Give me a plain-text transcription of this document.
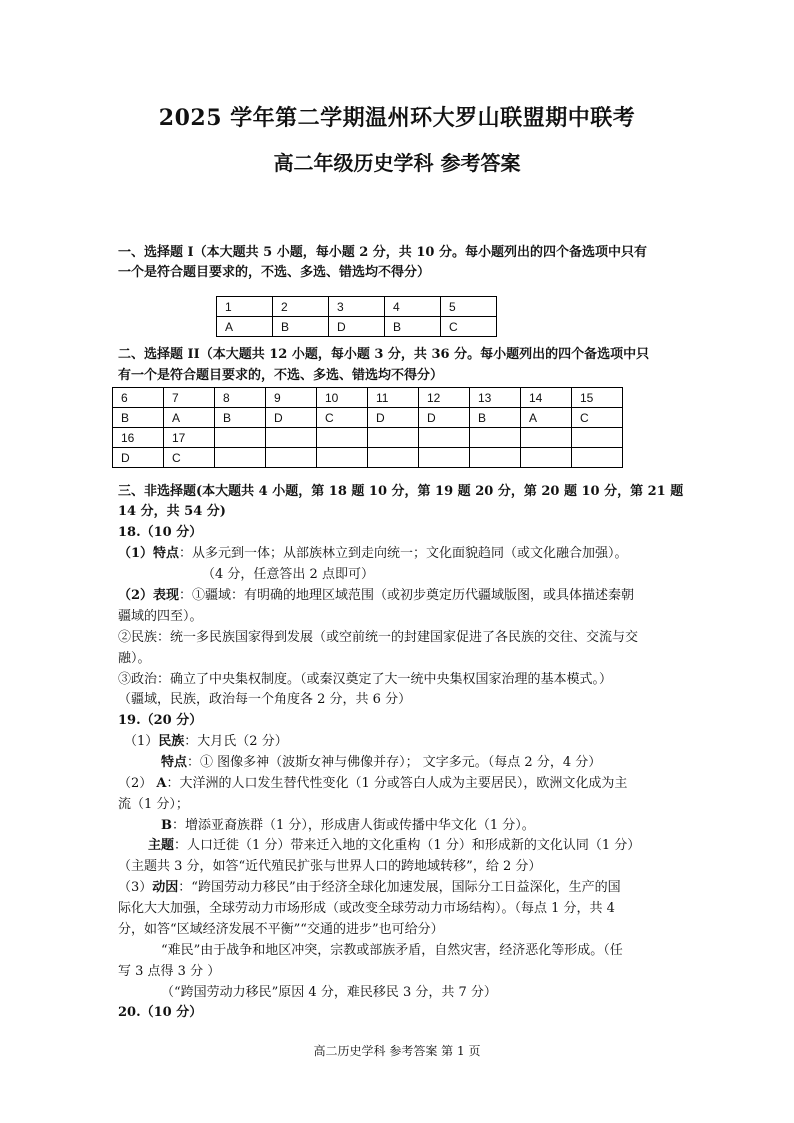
2025 学年第二学期温州环大罗山联盟期中联考
高二年级历史学科 参考答案
一、选择题 I（本大题共 5 小题，每小题 2 分，共 10 分。每小题列出的四个备选项中只有
一个是符合题目要求的，不选、多选、错选均不得分）
1	2	3	4	5
A	B	D	B	C
二、选择题 II（本大题共 12 小题，每小题 3 分，共 36 分。每小题列出的四个备选项中只
有一个是符合题目要求的，不选、多选、错选均不得分）
6	7	8	9	10	11	12	13	14	15
B	A	B	D	C	D	D	B	A	C
16	17								
D	C								
三、非选择题(本大题共 4 小题，第 18 题 10 分，第 19 题 20 分，第 20 题 10 分，第 21 题
14 分，共 54 分)
18.（10 分）
（1）特点：从多元到一体；从部族林立到走向统一；文化面貌趋同（或文化融合加强）。
（4 分，任意答出 2 点即可）
（2）表现：①疆域：有明确的地理区域范围（或初步奠定历代疆域版图，或具体描述秦朝
疆域的四至）。
②民族：统一多民族国家得到发展（或空前统一的封建国家促进了各民族的交往、交流与交
融）。
③政治：确立了中央集权制度。（或秦汉奠定了大一统中央集权国家治理的基本模式。）
（疆域，民族，政治每一个角度各 2 分，共 6 分）
19.（20 分）
（1）民族：大月氏（2 分）
特点：① 图像多神（波斯女神与佛像并存）； 文字多元。（每点 2 分，4 分）
（2） A：大洋洲的人口发生替代性变化（1 分或答白人成为主要居民），欧洲文化成为主
流（1 分）；
B：增添亚裔族群（1 分），形成唐人街或传播中华文化（1 分）。
主题：人口迁徙（1 分）带来迁入地的文化重构（1 分）和形成新的文化认同（1 分）
（主题共 3 分，如答“近代殖民扩张与世界人口的跨地域转移”，给 2 分）
（3）动因：“跨国劳动力移民”由于经济全球化加速发展，国际分工日益深化，生产的国
际化大大加强，全球劳动力市场形成（或改变全球劳动力市场结构）。（每点 1 分，共 4
分，如答“区域经济发展不平衡”“交通的进步”也可给分）
“难民”由于战争和地区冲突，宗教或部族矛盾，自然灾害，经济恶化等形成。（任
写 3 点得 3 分 ）
（“跨国劳动力移民”原因 4 分，难民移民 3 分，共 7 分）
20.（10 分）
高二历史学科 参考答案 第 1 页
